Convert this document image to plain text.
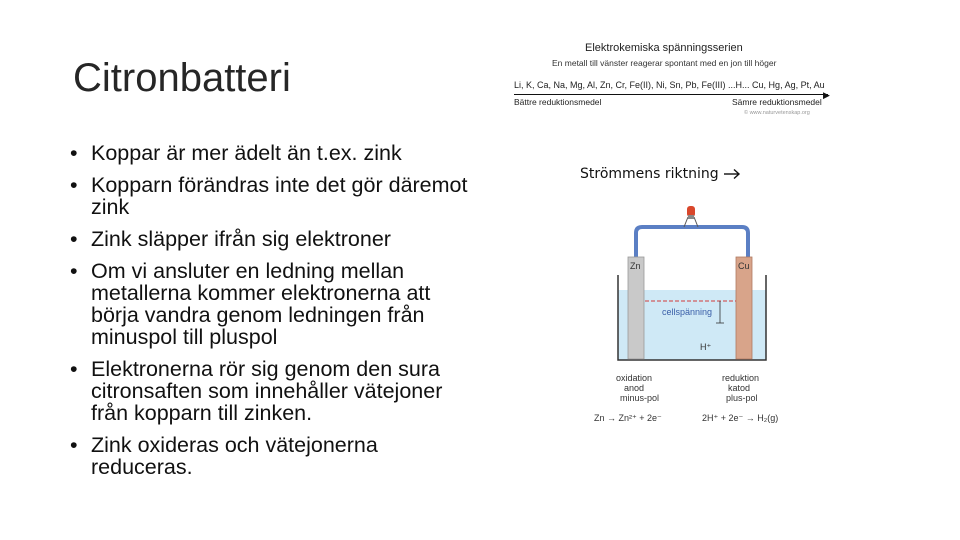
Citronbatteri
• Koppar är mer ädelt än t.ex. zink
• Kopparn förändras inte det gör däremot zink
• Zink släpper ifrån sig elektroner
• Om vi ansluter en ledning mellan metallerna kommer elektronerna att börja vandra genom ledningen från minuspol till pluspol
• Elektronerna rör sig genom den sura citronsaften som innehåller vätejoner från kopparn till zinken.
• Zink oxideras och vätejonerna reduceras.
Elektrokemiska spänningsserien
En metall till vänster reagerar spontant med en jon till höger
Li, K, Ca, Na, Mg, Al, Zn, Cr, Fe(II), Ni, Sn, Pb, Fe(III) ...H... Cu, Hg, Ag, Pt, Au
▶
Bättre reduktionsmedel	Sämre reduktionsmedel
© www.naturvetenskap.org
Strömmens riktning
Zn	Cu
cellspänning
H⁺
oxidation
anod
minus-pol
reduktion
katod
plus-pol
Zn → Zn²⁺ + 2e⁻	2H⁺ + 2e⁻ → H₂(g)
